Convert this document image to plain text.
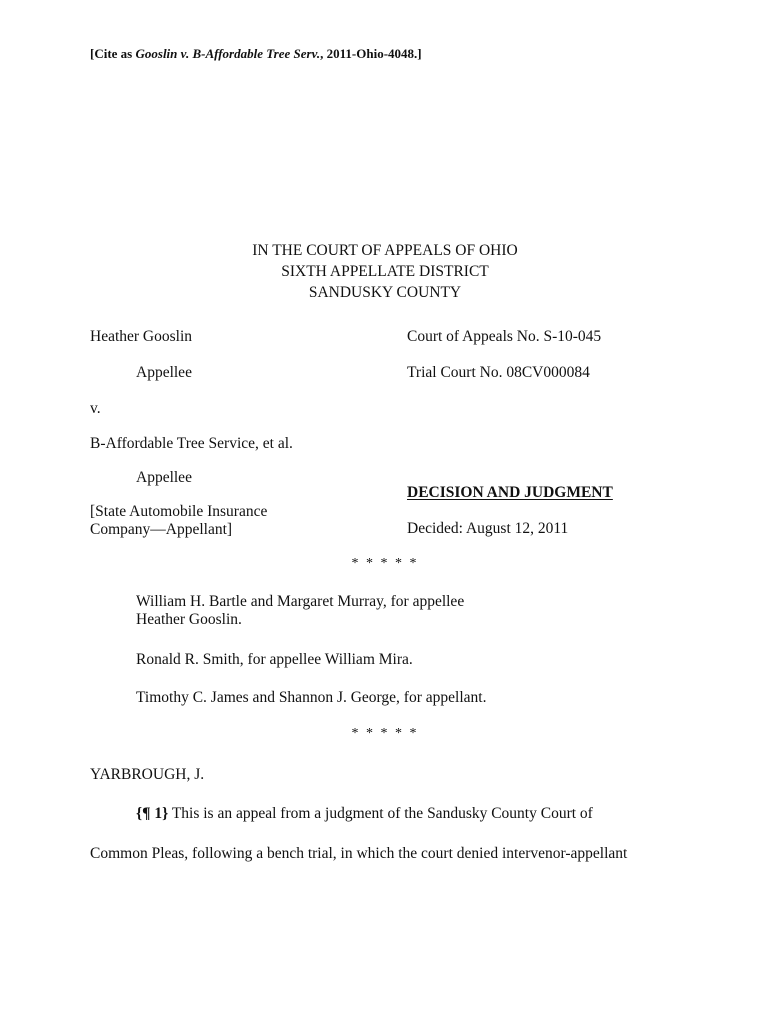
[Cite as Gooslin v. B-Affordable Tree Serv., 2011-Ohio-4048.]
IN THE COURT OF APPEALS OF OHIO
SIXTH APPELLATE DISTRICT
SANDUSKY COUNTY
Heather Gooslin
Appellee
v.
B-Affordable Tree Service, et al.
Appellee
[State Automobile Insurance
Company—Appellant]
Court of Appeals No. S-10-045
Trial Court No. 08CV000084
DECISION AND JUDGMENT
Decided: August 12, 2011
* * * * *
William H. Bartle and Margaret Murray, for appellee
Heather Gooslin.
Ronald R. Smith, for appellee William Mira.
Timothy C. James and Shannon J. George, for appellant.
* * * * *
YARBROUGH, J.
{¶ 1} This is an appeal from a judgment of the Sandusky County Court of
Common Pleas, following a bench trial, in which the court denied intervenor-appellant
